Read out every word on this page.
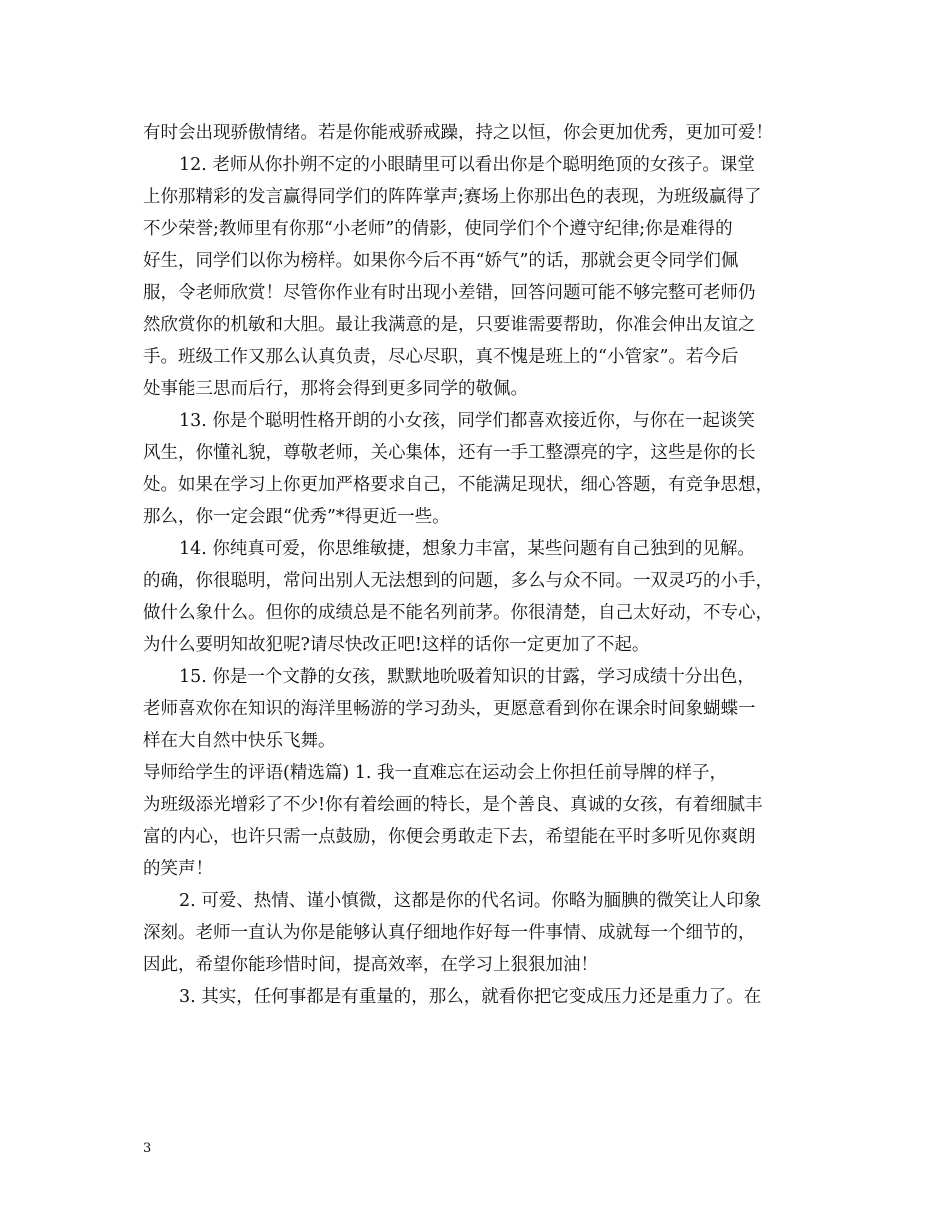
有时会出现骄傲情绪。若是你能戒骄戒躁，持之以恒，你会更加优秀，更加可爱！
12. 老师从你扑朔不定的小眼睛里可以看出你是个聪明绝顶的女孩子。课堂
上你那精彩的发言赢得同学们的阵阵掌声;赛场上你那出色的表现，为班级赢得了
不少荣誉;教师里有你那“小老师”的倩影，使同学们个个遵守纪律;你是难得的
好生，同学们以你为榜样。如果你今后不再“娇气”的话，那就会更令同学们佩
服，令老师欣赏！尽管你作业有时出现小差错，回答问题可能不够完整可老师仍
然欣赏你的机敏和大胆。最让我满意的是，只要谁需要帮助，你准会伸出友谊之
手。班级工作又那么认真负责，尽心尽职，真不愧是班上的“小管家”。若今后
处事能三思而后行，那将会得到更多同学的敬佩。
13. 你是个聪明性格开朗的小女孩，同学们都喜欢接近你，与你在一起谈笑
风生，你懂礼貌，尊敬老师，关心集体，还有一手工整漂亮的字，这些是你的长
处。如果在学习上你更加严格要求自己，不能满足现状，细心答题，有竞争思想，
那么，你一定会跟“优秀”*得更近一些。
14. 你纯真可爱，你思维敏捷，想象力丰富，某些问题有自己独到的见解。
的确，你很聪明，常问出别人无法想到的问题，多么与众不同。一双灵巧的小手，
做什么象什么。但你的成绩总是不能名列前茅。你很清楚，自己太好动，不专心，
为什么要明知故犯呢?请尽快改正吧!这样的话你一定更加了不起。
15. 你是一个文静的女孩，默默地吮吸着知识的甘露，学习成绩十分出色，
老师喜欢你在知识的海洋里畅游的学习劲头，更愿意看到你在课余时间象蝴蝶一
样在大自然中快乐飞舞。
导师给学生的评语(精选篇) 1. 我一直难忘在运动会上你担任前导牌的样子，
为班级添光增彩了不少!你有着绘画的特长，是个善良、真诚的女孩，有着细腻丰
富的内心，也许只需一点鼓励，你便会勇敢走下去，希望能在平时多听见你爽朗
的笑声！
2. 可爱、热情、谨小慎微，这都是你的代名词。你略为腼腆的微笑让人印象
深刻。老师一直认为你是能够认真仔细地作好每一件事情、成就每一个细节的，
因此，希望你能珍惜时间，提高效率，在学习上狠狠加油！
3. 其实，任何事都是有重量的，那么，就看你把它变成压力还是重力了。在
3
